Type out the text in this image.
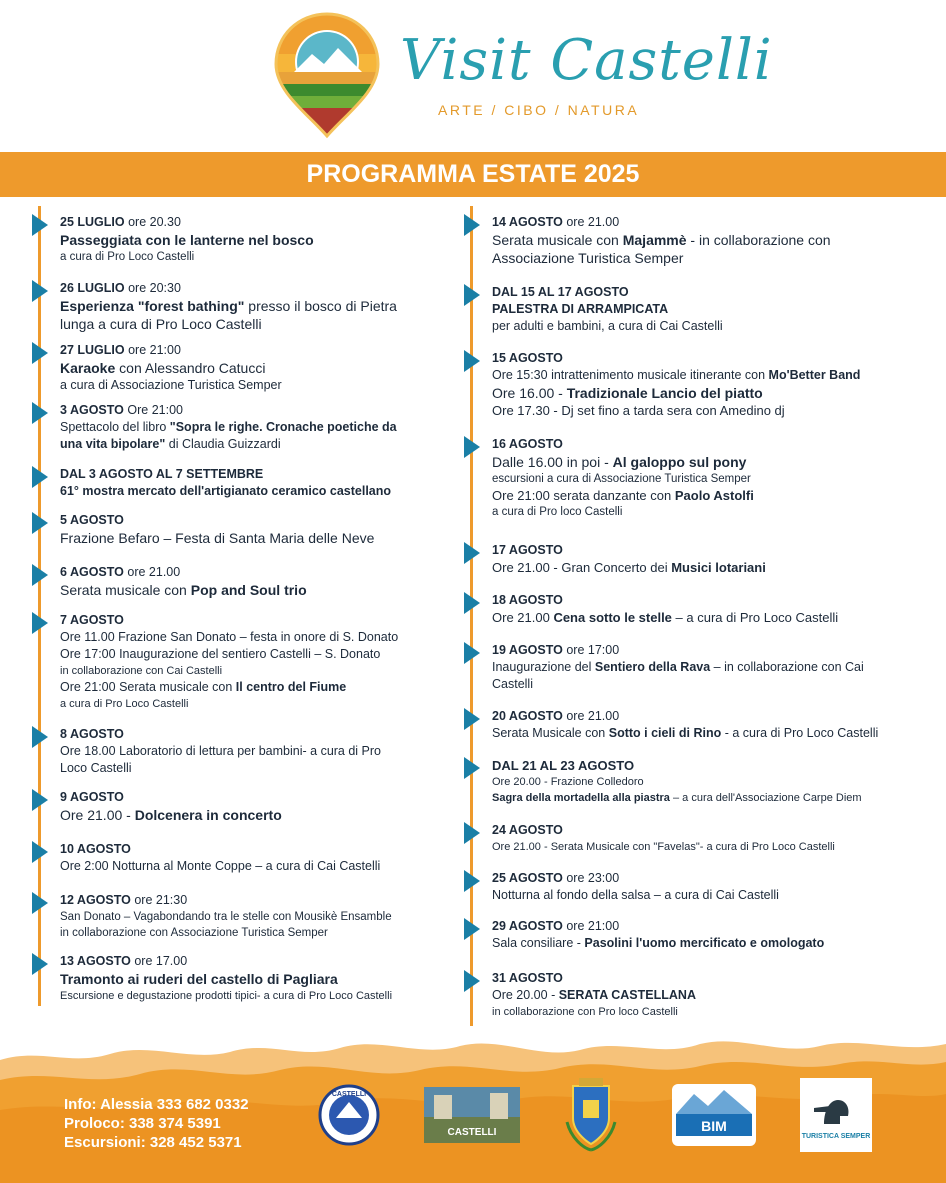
Visit Castelli
ARTE / CIBO / NATURA
PROGRAMMA ESTATE 2025
25 LUGLIO ore 20.30
Passeggiata con le lanterne nel bosco
a cura di Pro Loco Castelli
26 LUGLIO ore 20:30
Esperienza "forest bathing" presso il bosco di Pietra
lunga a cura di Pro Loco Castelli
27 LUGLIO ore 21:00
Karaoke con Alessandro Catucci
a cura di Associazione Turistica Semper
3 AGOSTO Ore 21:00
Spettacolo del libro "Sopra le righe. Cronache poetiche da
una vita bipolare" di Claudia Guizzardi
DAL 3 AGOSTO AL 7 SETTEMBRE
61° mostra mercato dell'artigianato ceramico castellano
5 AGOSTO
Frazione Befaro – Festa di Santa Maria delle Neve
6 AGOSTO ore 21.00
Serata musicale con Pop and Soul trio
7 AGOSTO
Ore 11.00 Frazione San Donato – festa in onore di S. Donato
Ore 17:00 Inaugurazione del sentiero Castelli – S. Donato
in collaborazione con Cai Castelli
Ore 21:00 Serata musicale con Il centro del Fiume
a cura di Pro Loco Castelli
8 AGOSTO
Ore 18.00 Laboratorio di lettura per bambini- a cura di Pro
Loco Castelli
9 AGOSTO
Ore 21.00 - Dolcenera in concerto
10 AGOSTO
Ore 2:00 Notturna al Monte Coppe – a cura di Cai Castelli
12 AGOSTO ore 21:30
San Donato – Vagabondando tra le stelle con Mousikè Ensamble
in collaborazione con Associazione Turistica Semper
13 AGOSTO ore 17.00
Tramonto ai ruderi del castello di Pagliara
Escursione e degustazione prodotti tipici- a cura di Pro Loco Castelli
14 AGOSTO ore 21.00
Serata musicale con Majammè - in collaborazione con
Associazione Turistica Semper
DAL 15 AL 17 AGOSTO
PALESTRA DI ARRAMPICATA
per adulti e bambini, a cura di Cai Castelli
15 AGOSTO
Ore 15:30 intrattenimento musicale itinerante con Mo'Better Band
Ore 16.00 - Tradizionale Lancio del piatto
Ore 17.30 - Dj set fino a tarda sera con Amedino dj
16 AGOSTO
Dalle 16.00 in poi - Al galoppo sul pony
escursioni a cura di Associazione Turistica Semper
Ore 21:00 serata danzante con Paolo Astolfi
a cura di Pro loco Castelli
17 AGOSTO
Ore 21.00 - Gran Concerto dei Musici lotariani
18 AGOSTO
Ore 21.00 Cena sotto le stelle – a cura di Pro Loco Castelli
19 AGOSTO ore 17:00
Inaugurazione del Sentiero della Rava – in collaborazione con Cai
Castelli
20 AGOSTO ore 21.00
Serata Musicale con Sotto i cieli di Rino - a cura di Pro Loco Castelli
DAL 21 AL 23 AGOSTO
Ore 20.00 - Frazione Colledoro
Sagra della mortadella alla piastra – a cura dell'Associazione Carpe Diem
24 AGOSTO
Ore 21.00 - Serata Musicale con "Favelas"- a cura di Pro Loco Castelli
25 AGOSTO ore 23:00
Notturna al fondo della salsa – a cura di Cai Castelli
29 AGOSTO ore 21:00
Sala consiliare - Pasolini l'uomo mercificato e omologato
31 AGOSTO
Ore 20.00 - SERATA CASTELLANA
in collaborazione con Pro loco Castelli
Info: Alessia 333 682 0332
Proloco: 338 374 5391
Escursioni: 328 452 5371
CASTELLI
CASTELLI	BIM
TURISTICA SEMPER
